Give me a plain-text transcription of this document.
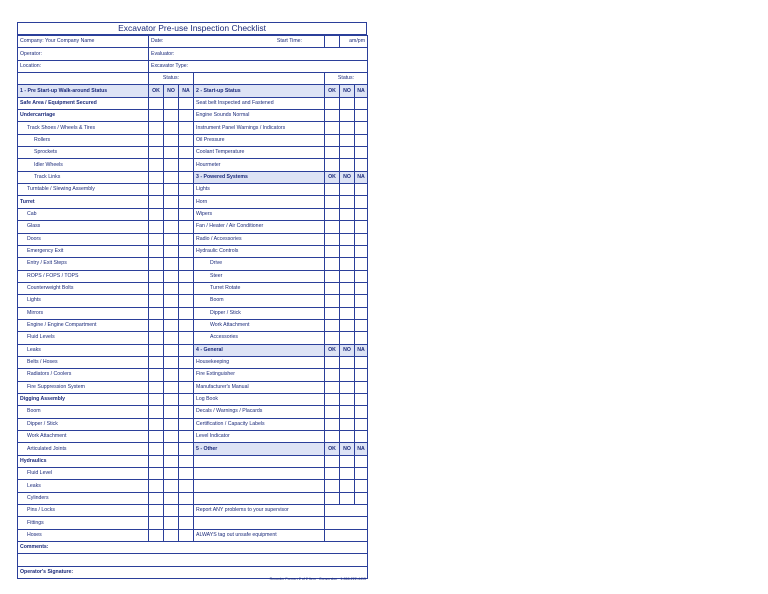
Excavator Pre-use Inspection Checklist
Company: Your Company Name	Date: Start Time:					am/pm	
Operator:	Evaluator:						
Location:	Excavator Type:						
	Status:				Status:		
1 - Pre Start-up Walk-around Status	OK	NO	NA	2 - Start-up Status	OK	NO	NA
Safe Area / Equipment Secured				Seat belt Inspected and Fastened			
Undercarriage				Engine Sounds Normal			
Track Shoes / Wheels & Tires				Instrument Panel Warnings / Indicators			
Rollers				Oil Pressure			
Sprockets				Coolant Temperature			
Idler Wheels				Hourmeter			
Track Links				3 - Powered Systems	OK	NO	NA
Turntable / Slewing Assembly				Lights			
Turret				Horn			
Cab				Wipers			
Glass				Fan / Heater / Air Conditioner			
Doors				Radio / Accessories			
Emergency Exit				Hydraulic Controls			
Entry / Exit Steps				Drive			
ROPS / FOPS / TOPS				Steer			
Counterweight Bolts				Turret Rotate			
Lights				Boom			
Mirrors				Dipper / Stick			
Engine / Engine Compartment				Work Attachment			
Fluid Levels				Accessories			
Leaks				4 - General	OK	NO	NA
Belts / Hoses				Housekeeping			
Radiators / Coolers				Fire Extinguisher			
Fire Suppression System				Manufacturer's Manual			
Digging Assembly				Log Book			
Boom				Decals / Warnings / Placards			
Dipper / Stick				Certification / Capacity Labels			
Work Attachment				Level Indicator			
Articulated Joints				5 - Other	OK	NO	NA
Hydraulics							
Fluid Level							
Leaks							
Cylinders							
Pins / Locks				Report ANY problems to your supervisor			
Fittings							
Hoses				ALWAYS tag out unsafe equipment			
Comments:							

Operator's Signature:							
Recorder Forms • 2 of 2 Item · Conversion · 1-866-222-4415
